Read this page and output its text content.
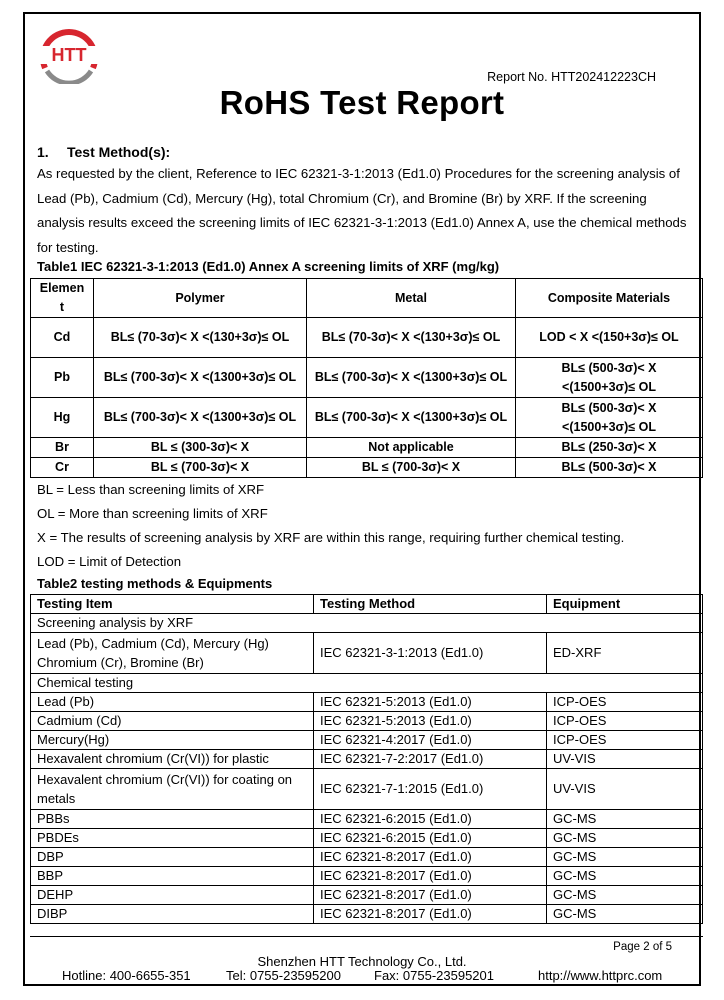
HTT
Report No. HTT202412223CH
RoHS Test Report
1. Test Method(s):
As requested by the client, Reference to IEC 62321-3-1:2013 (Ed1.0) Procedures for the screening analysis of Lead (Pb), Cadmium (Cd), Mercury (Hg), total Chromium (Cr), and Bromine (Br) by XRF. If the screening analysis results exceed the screening limits of IEC 62321-3-1:2013 (Ed1.0) Annex A, use the chemical methods for testing.
Table1 IEC 62321-3-1:2013 (Ed1.0) Annex A screening limits of XRF (mg/kg)
Elemen t	Polymer	Metal	Composite Materials
Cd	BL≤ (70-3σ)< X <(130+3σ)≤ OL	BL≤ (70-3σ)< X <(130+3σ)≤ OL	LOD < X <(150+3σ)≤ OL
Pb	BL≤ (700-3σ)< X <(1300+3σ)≤ OL	BL≤ (700-3σ)< X <(1300+3σ)≤ OL	BL≤ (500-3σ)< X <(1500+3σ)≤ OL
Hg	BL≤ (700-3σ)< X <(1300+3σ)≤ OL	BL≤ (700-3σ)< X <(1300+3σ)≤ OL	BL≤ (500-3σ)< X <(1500+3σ)≤ OL
Br	BL ≤ (300-3σ)< X	Not applicable	BL≤ (250-3σ)< X
Cr	BL ≤ (700-3σ)< X	BL ≤ (700-3σ)< X	BL≤ (500-3σ)< X
BL = Less than screening limits of XRF
OL = More than screening limits of XRF
X = The results of screening analysis by XRF are within this range, requiring further chemical testing.
LOD = Limit of Detection
Table2 testing methods & Equipments
Testing Item	Testing Method	Equipment
Screening analysis by XRF		
Lead (Pb), Cadmium (Cd), Mercury (Hg) Chromium (Cr), Bromine (Br)	IEC 62321-3-1:2013 (Ed1.0)	ED-XRF
Chemical testing		
Lead (Pb)	IEC 62321-5:2013 (Ed1.0)	ICP-OES
Cadmium (Cd)	IEC 62321-5:2013 (Ed1.0)	ICP-OES
Mercury(Hg)	IEC 62321-4:2017 (Ed1.0)	ICP-OES
Hexavalent chromium (Cr(VI)) for plastic	IEC 62321-7-2:2017 (Ed1.0)	UV-VIS
Hexavalent chromium (Cr(VI)) for coating on metals	IEC 62321-7-1:2015 (Ed1.0)	UV-VIS
PBBs	IEC 62321-6:2015 (Ed1.0)	GC-MS
PBDEs	IEC 62321-6:2015 (Ed1.0)	GC-MS
DBP	IEC 62321-8:2017 (Ed1.0)	GC-MS
BBP	IEC 62321-8:2017 (Ed1.0)	GC-MS
DEHP	IEC 62321-8:2017 (Ed1.0)	GC-MS
DIBP	IEC 62321-8:2017 (Ed1.0)	GC-MS
Page 2 of 5
Shenzhen HTT Technology Co., Ltd.
Hotline: 400-6655-351	Tel: 0755-23595200	Fax: 0755-23595201	http://www.httprc.com
